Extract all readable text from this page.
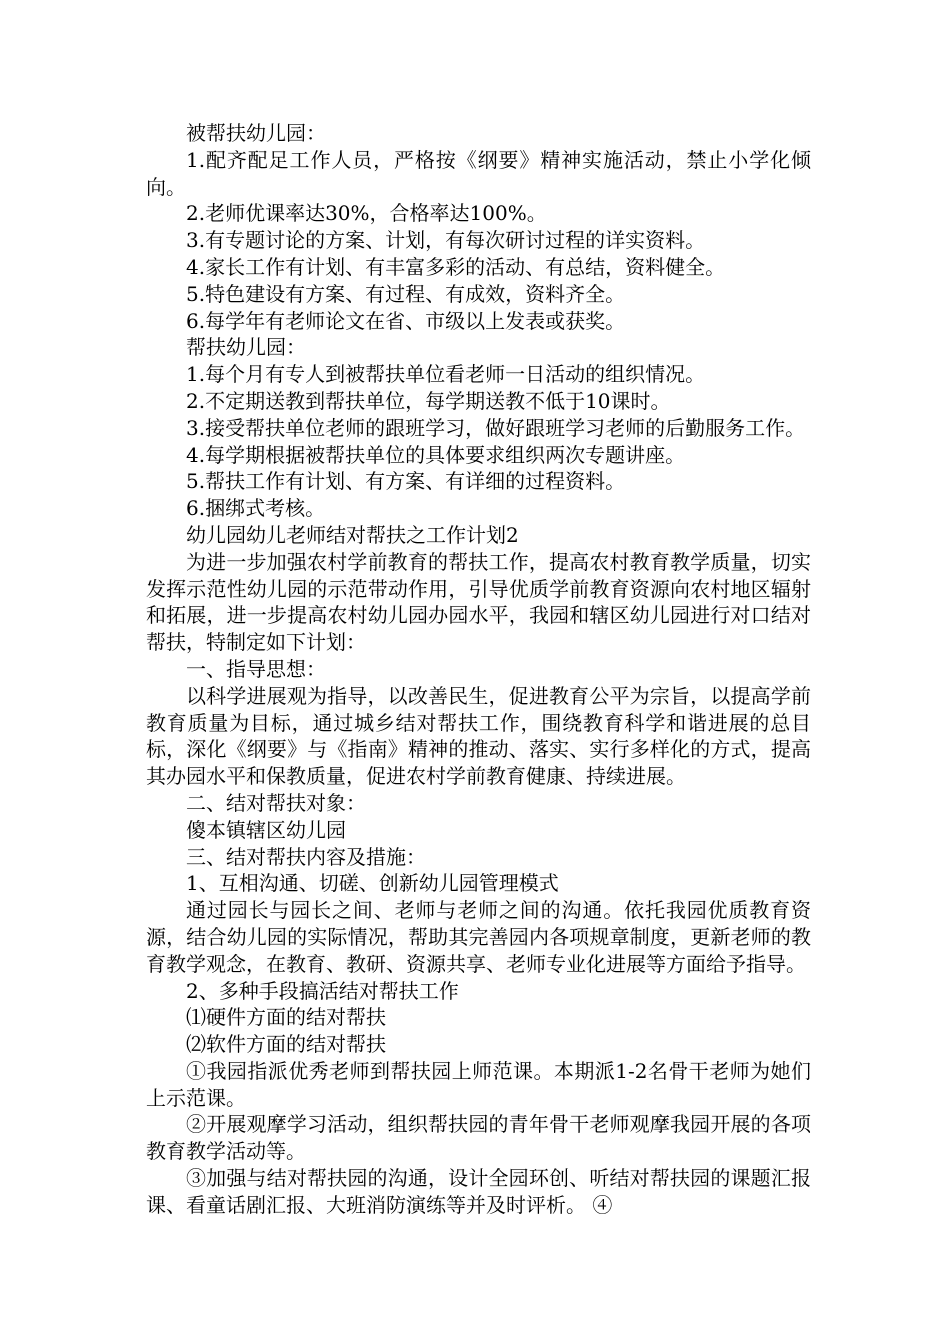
被帮扶幼儿园：

1.配齐配足工作人员，严格按《纲要》精神实施活动，禁止小学化倾向。

2.老师优课率达30%，合格率达100%。

3.有专题讨论的方案、计划，有每次研讨过程的详实资料。

4.家长工作有计划、有丰富多彩的活动、有总结，资料健全。

5.特色建设有方案、有过程、有成效，资料齐全。

6.每学年有老师论文在省、市级以上发表或获奖。

帮扶幼儿园：

1.每个月有专人到被帮扶单位看老师一日活动的组织情况。

2.不定期送教到帮扶单位，每学期送教不低于10课时。

3.接受帮扶单位老师的跟班学习，做好跟班学习老师的后勤服务工作。

4.每学期根据被帮扶单位的具体要求组织两次专题讲座。

5.帮扶工作有计划、有方案、有详细的过程资料。

6.捆绑式考核。

幼儿园幼儿老师结对帮扶之工作计划2

为进一步加强农村学前教育的帮扶工作，提高农村教育教学质量，切实发挥示范性幼儿园的示范带动作用，引导优质学前教育资源向农村地区辐射和拓展，进一步提高农村幼儿园办园水平，我园和辖区幼儿园进行对口结对帮扶，特制定如下计划：

一、指导思想：

以科学进展观为指导，以改善民生，促进教育公平为宗旨，以提高学前教育质量为目标，通过城乡结对帮扶工作，围绕教育科学和谐进展的总目标，深化《纲要》与《指南》精神的推动、落实、实行多样化的方式，提高其办园水平和保教质量，促进农村学前教育健康、持续进展。

二、结对帮扶对象：

傻本镇辖区幼儿园

三、结对帮扶内容及措施：

1、互相沟通、切磋、创新幼儿园管理模式

通过园长与园长之间、老师与老师之间的沟通。依托我园优质教育资源，结合幼儿园的实际情况，帮助其完善园内各项规章制度，更新老师的教育教学观念，在教育、教研、资源共享、老师专业化进展等方面给予指导。

2、多种手段搞活结对帮扶工作

⑴硬件方面的结对帮扶

⑵软件方面的结对帮扶

①我园指派优秀老师到帮扶园上师范课。本期派1-2名骨干老师为她们上示范课。

②开展观摩学习活动，组织帮扶园的青年骨干老师观摩我园开展的各项教育教学活动等。

③加强与结对帮扶园的沟通，设计全园环创、听结对帮扶园的课题汇报课、看童话剧汇报、大班消防演练等并及时评析。 ④
